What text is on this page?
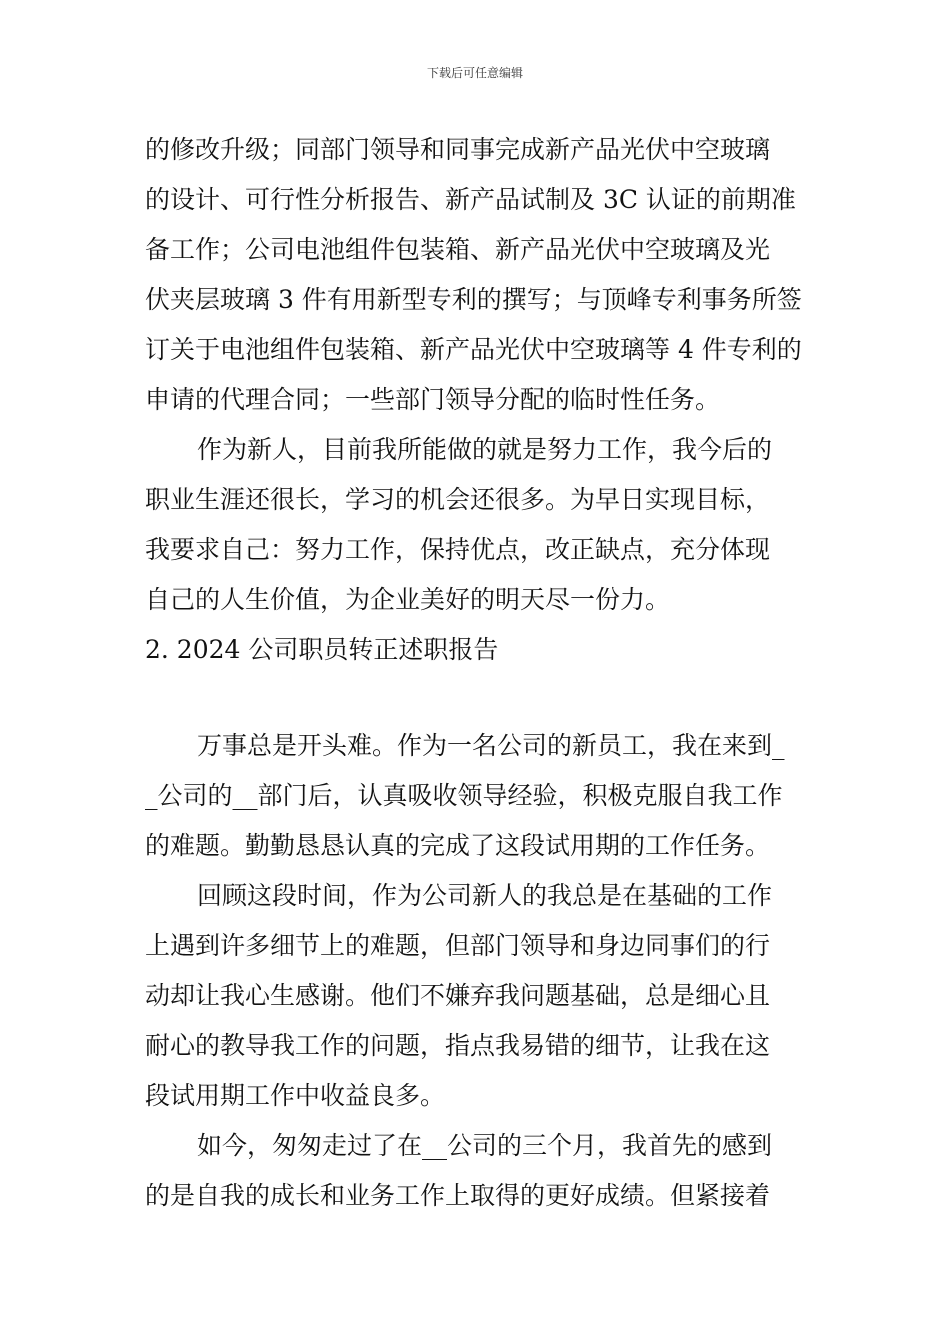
下载后可任意编辑
的修改升级；同部门领导和同事完成新产品光伏中空玻璃
的设计、可行性分析报告、新产品试制及 3C 认证的前期准
备工作；公司电池组件包装箱、新产品光伏中空玻璃及光
伏夹层玻璃 3 件有用新型专利的撰写；与顶峰专利事务所签
订关于电池组件包装箱、新产品光伏中空玻璃等 4 件专利的
申请的代理合同；一些部门领导分配的临时性任务。
作为新人，目前我所能做的就是努力工作，我今后的
职业生涯还很长，学习的机会还很多。为早日实现目标，
我要求自己：努力工作，保持优点，改正缺点，充分体现
自己的人生价值，为企业美好的明天尽一份力。
2. 2024 公司职员转正述职报告
万事总是开头难。作为一名公司的新员工，我在来到_
_公司的__部门后，认真吸收领导经验，积极克服自我工作
的难题。勤勤恳恳认真的完成了这段试用期的工作任务。
回顾这段时间，作为公司新人的我总是在基础的工作
上遇到许多细节上的难题，但部门领导和身边同事们的行
动却让我心生感谢。他们不嫌弃我问题基础，总是细心且
耐心的教导我工作的问题，指点我易错的细节，让我在这
段试用期工作中收益良多。
如今，匆匆走过了在__公司的三个月，我首先的感到
的是自我的成长和业务工作上取得的更好成绩。但紧接着
